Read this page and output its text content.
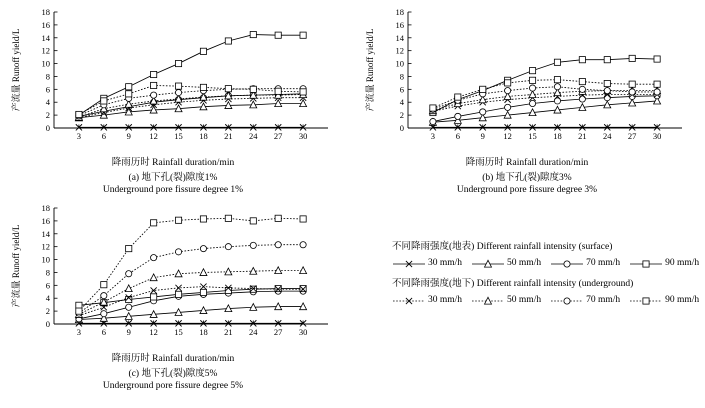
0
2
4
6
8
10
12
14
16
18
3 6 9 12 15 18 21 24 27 30
产流量 Runoff yield/L
降雨历时 Rainfall duration/min
(a) 地下孔(裂)隙度1%
Underground pore fissure degree 1%
0
2
4
6
8
10
12
14
16
18
3 6 9 12 15 18 21 24 27 30
产流量 Runoff yield/L
降雨历时 Rainfall duration/min
(b) 地下孔(裂)隙度3%
Underground pore fissure degree 3%
0
2
4
6
8
10
12
14
16
18
3 6 9 12 15 18 21 24 27 30
产流量 Runoff yield/L
降雨历时 Rainfall duration/min
(c) 地下孔(裂)隙度5%
Underground pore fissure degree 5%
不同降雨强度(地表) Different rainfall intensity (surface)
30 mm/h	50 mm/h	70 mm/h	90 mm/h
不同降雨强度(地下) Different rainfall intensity (underground)
30 mm/h	50 mm/h	70 mm/h	90 mm/h
